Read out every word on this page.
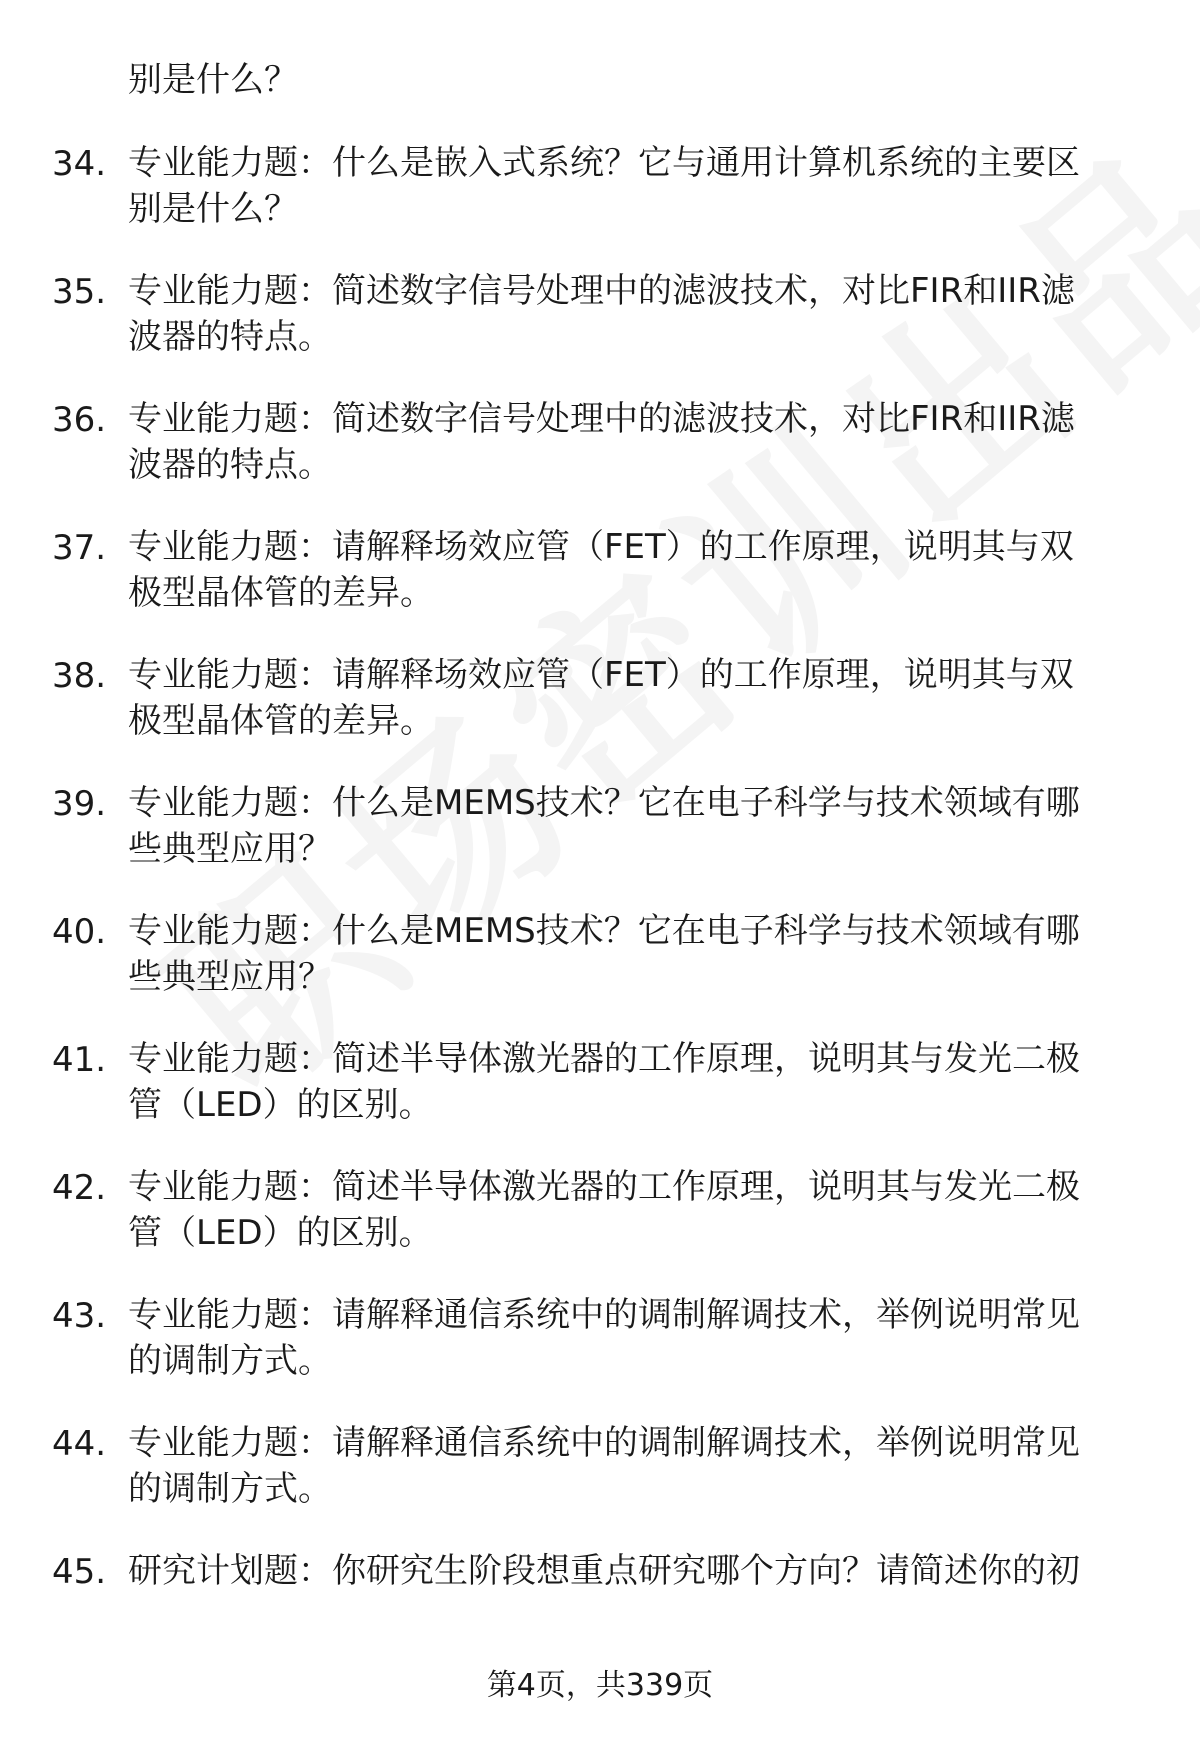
别是什么？
34. 专业能力题：什么是嵌入式系统？它与通用计算机系统的主要区
别是什么？
35. 专业能力题：简述数字信号处理中的滤波技术，对比FIR和IIR滤
波器的特点。
36. 专业能力题：简述数字信号处理中的滤波技术，对比FIR和IIR滤
波器的特点。
37. 专业能力题：请解释场效应管（FET）的工作原理，说明其与双
极型晶体管的差异。
38. 专业能力题：请解释场效应管（FET）的工作原理，说明其与双
极型晶体管的差异。
39. 专业能力题：什么是MEMS技术？它在电子科学与技术领域有哪
些典型应用？
40. 专业能力题：什么是MEMS技术？它在电子科学与技术领域有哪
些典型应用？
41. 专业能力题：简述半导体激光器的工作原理，说明其与发光二极
管（LED）的区别。
42. 专业能力题：简述半导体激光器的工作原理，说明其与发光二极
管（LED）的区别。
43. 专业能力题：请解释通信系统中的调制解调技术，举例说明常见
的调制方式。
44. 专业能力题：请解释通信系统中的调制解调技术，举例说明常见
的调制方式。
45. 研究计划题：你研究生阶段想重点研究哪个方向？请简述你的初
第4页，共339页
